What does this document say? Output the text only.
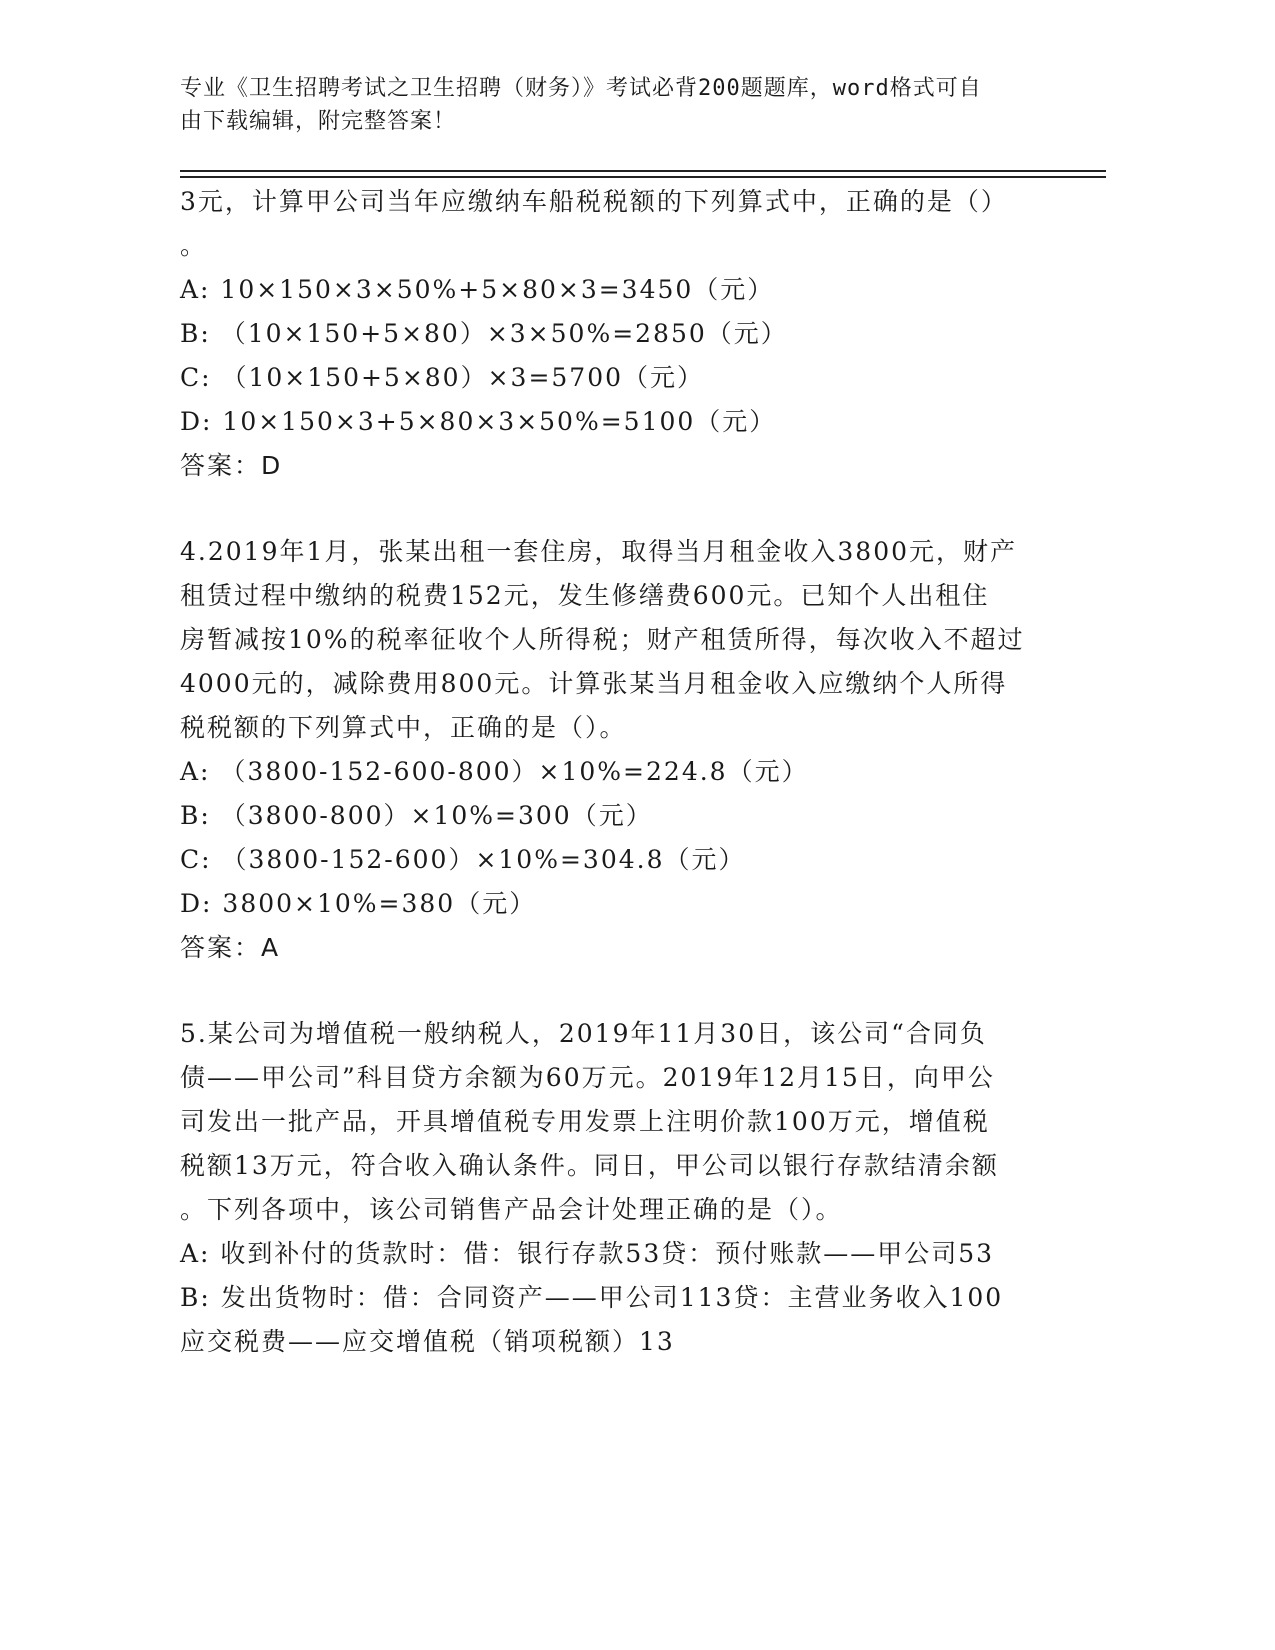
专业《卫生招聘考试之卫生招聘（财务）》考试必背200题题库，word格式可自
由下载编辑，附完整答案！
3元，计算甲公司当年应缴纳车船税税额的下列算式中，正确的是（）
。
A: 10×150×3×50%+5×80×3=3450（元）
B: （10×150+5×80）×3×50%=2850（元）
C: （10×150+5×80）×3=5700（元）
D: 10×150×3+5×80×3×50%=5100（元）
答案：D
4.2019年1月，张某出租一套住房，取得当月租金收入3800元，财产
租赁过程中缴纳的税费152元，发生修缮费600元。已知个人出租住
房暂减按10%的税率征收个人所得税；财产租赁所得，每次收入不超过
4000元的，减除费用800元。计算张某当月租金收入应缴纳个人所得
税税额的下列算式中，正确的是（）。
A: （3800-152-600-800）×10%=224.8（元）
B: （3800-800）×10%=300（元）
C: （3800-152-600）×10%=304.8（元）
D: 3800×10%=380（元）
答案：A
5.某公司为增值税一般纳税人，2019年11月30日，该公司“合同负
债——甲公司”科目贷方余额为60万元。2019年12月15日，向甲公
司发出一批产品，开具增值税专用发票上注明价款100万元，增值税
税额13万元，符合收入确认条件。同日，甲公司以银行存款结清余额
。下列各项中，该公司销售产品会计处理正确的是（）。
A: 收到补付的货款时：借：银行存款53贷：预付账款——甲公司53
B: 发出货物时：借：合同资产——甲公司113贷：主营业务收入100
应交税费——应交增值税（销项税额）13
